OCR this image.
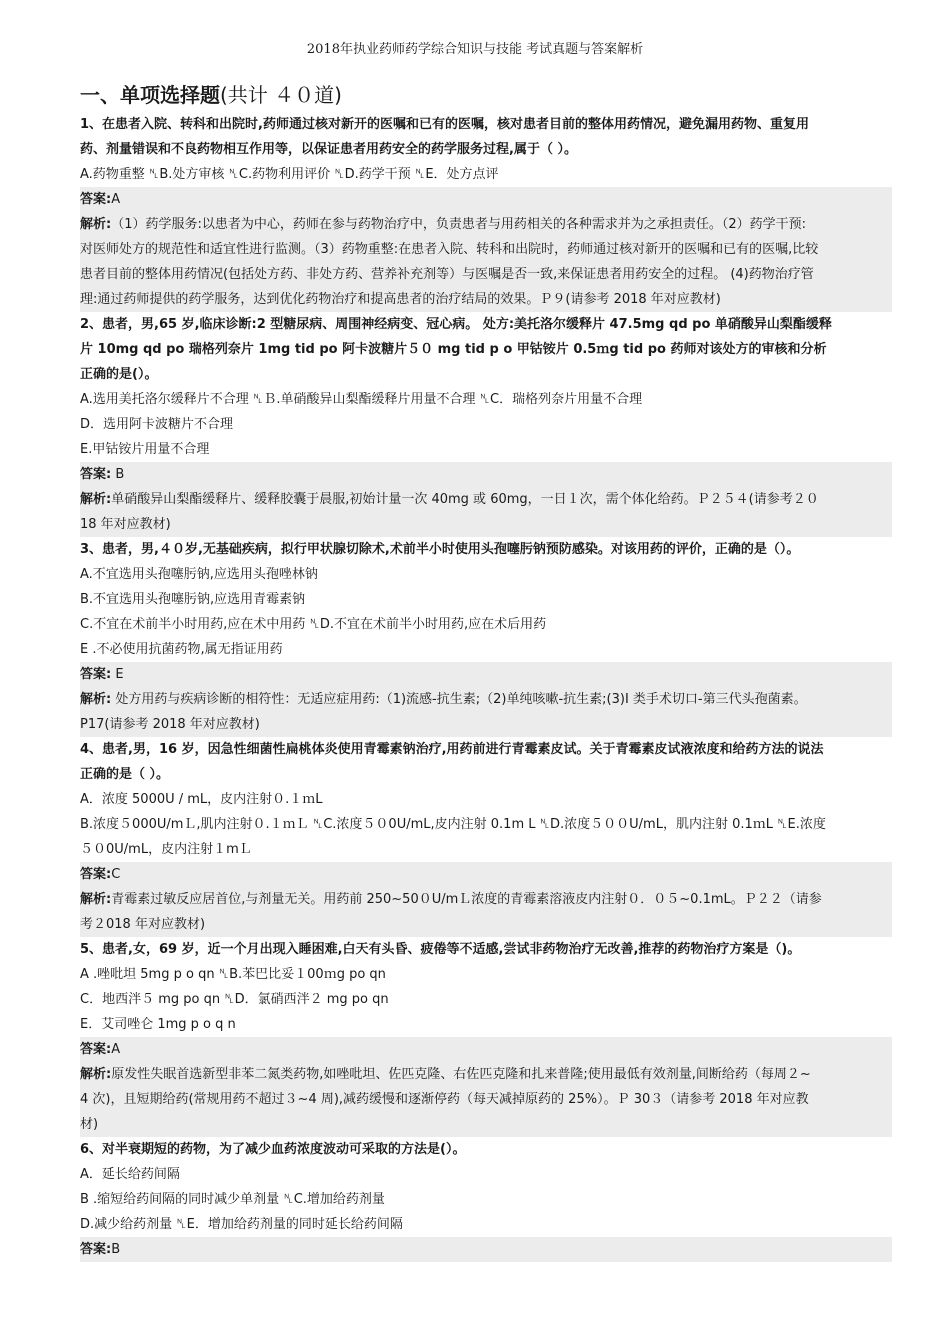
2018年执业药师药学综合知识与技能 考试真题与答案解析
一、单项选择题(共计 ４０道)
1、在患者入院、转科和出院时,药师通过核对新开的医嘱和已有的医嘱，核对患者目前的整体用药情况，避免漏用药物、重复用
药、剂量错误和不良药物相互作用等，以保证患者用药安全的药学服务过程,属于（ ）。
A.药物重整 ␤B.处方审核 ␤C.药物利用评价 ␤D.药学干预 ␤E．处方点评
答案:A
解析:（1）药学服务:以患者为中心，药师在参与药物治疗中，负责患者与用药相关的各种需求并为之承担责任。（2）药学干预:
对医师处方的规范性和适宜性进行监测。（3）药物重整:在患者入院、转科和出院时，药师通过核对新开的医嘱和已有的医嘱,比较
患者目前的整体用药情况(包括处方药、非处方药、营养补充剂等）与医嘱是否一致,来保证患者用药安全的过程。 (4)药物治疗管
理:通过药师提供的药学服务，达到优化药物治疗和提高患者的治疗结局的效果。Ｐ９(请参考 2018 年对应教材)
2、患者，男,65 岁,临床诊断:2 型糖尿病、周围神经病变、冠心病。 处方:美托洛尔缓释片 47.5mg qd po 单硝酸异山梨酯缓释
片 10mg qd po 瑞格列奈片 1mg tid po 阿卡波糖片５０ mg tid p o 甲钴铵片 0.5ｍg tid po 药师对该处方的审核和分析
正确的是(）。
A.选用美托洛尔缓释片不合理 ␤Ｂ.单硝酸异山梨酯缓释片用量不合理 ␤C．瑞格列奈片用量不合理
D．选用阿卡波糖片不合理
E.甲钴铵片用量不合理
答案: B
解析:单硝酸异山梨酯缓释片、缓释胶囊于晨服,初始计量一次 40mg 或 60mg，一日１次，需个体化给药。Ｐ２５４(请参考２０
18 年对应教材)
3、患者，男,４０岁,无基础疾病，拟行甲状腺切除术,术前半小时使用头孢噻肟钠预防感染。对该用药的评价，正确的是（）。
A.不宜选用头孢噻肟钠,应选用头孢唑林钠
B.不宜选用头孢噻肟钠,应选用青霉素钠
C.不宜在术前半小时用药,应在术中用药 ␤D.不宜在术前半小时用药,应在术后用药
E .不必使用抗菌药物,属无指证用药
答案: E
解析: 处方用药与疾病诊断的相符性：无适应症用药:（1)流感-抗生素;（2)单纯咳嗽-抗生素;(3)Ⅰ 类手术切口-第三代头孢菌素。
P17(请参考 2018 年对应教材)
4、患者,男，16 岁，因急性细菌性扁桃体炎使用青霉素钠治疗,用药前进行青霉素皮试。关于青霉素皮试液浓度和给药方法的说法
正确的是（ ）。
A．浓度 5000U / mL，皮内注射０.１ｍL
B.浓度５000U/mＬ,肌内注射０.１ｍＬ ␤C.浓度５０0U/mL,皮内注射 0.1m L ␤D.浓度５００U/mL，肌内注射 0.1ｍL ␤E.浓度
５０0U/mL，皮内注射１mＬ
答案:C
解析:青霉素过敏反应居首位,与剂量无关。用药前 250~50０U/mＬ浓度的青霉素溶液皮内注射０．０５~0.1mL。Ｐ２２（请参
考２018 年对应教材)
5、患者,女，69 岁，近一个月出现入睡困难,白天有头昏、疲倦等不适感,尝试非药物治疗无改善,推荐的药物治疗方案是（)。
A .唑吡坦 5mg p o qn ␤B.苯巴比妥１00ｍg po qn
C．地西泮５ mg po qn ␤D．氯硝西泮２ mg po qn
E．艾司唑仑 1mg p o q n
答案:A
解析:原发性失眠首选新型非苯二氮类药物,如唑吡坦、佐匹克隆、右佐匹克隆和扎来普隆;使用最低有效剂量,间断给药（每周２~
4 次)，且短期给药(常规用药不超过３~4 周),减药缓慢和逐渐停药（每天减掉原药的 25%）。Ｐ 30３（请参考 2018 年对应教
材)
6、对半衰期短的药物，为了减少血药浓度波动可采取的方法是(）。
A．延长给药间隔
B .缩短给药间隔的同时减少单剂量 ␤C.增加给药剂量
D.减少给药剂量 ␤E．增加给药剂量的同时延长给药间隔
答案:B
